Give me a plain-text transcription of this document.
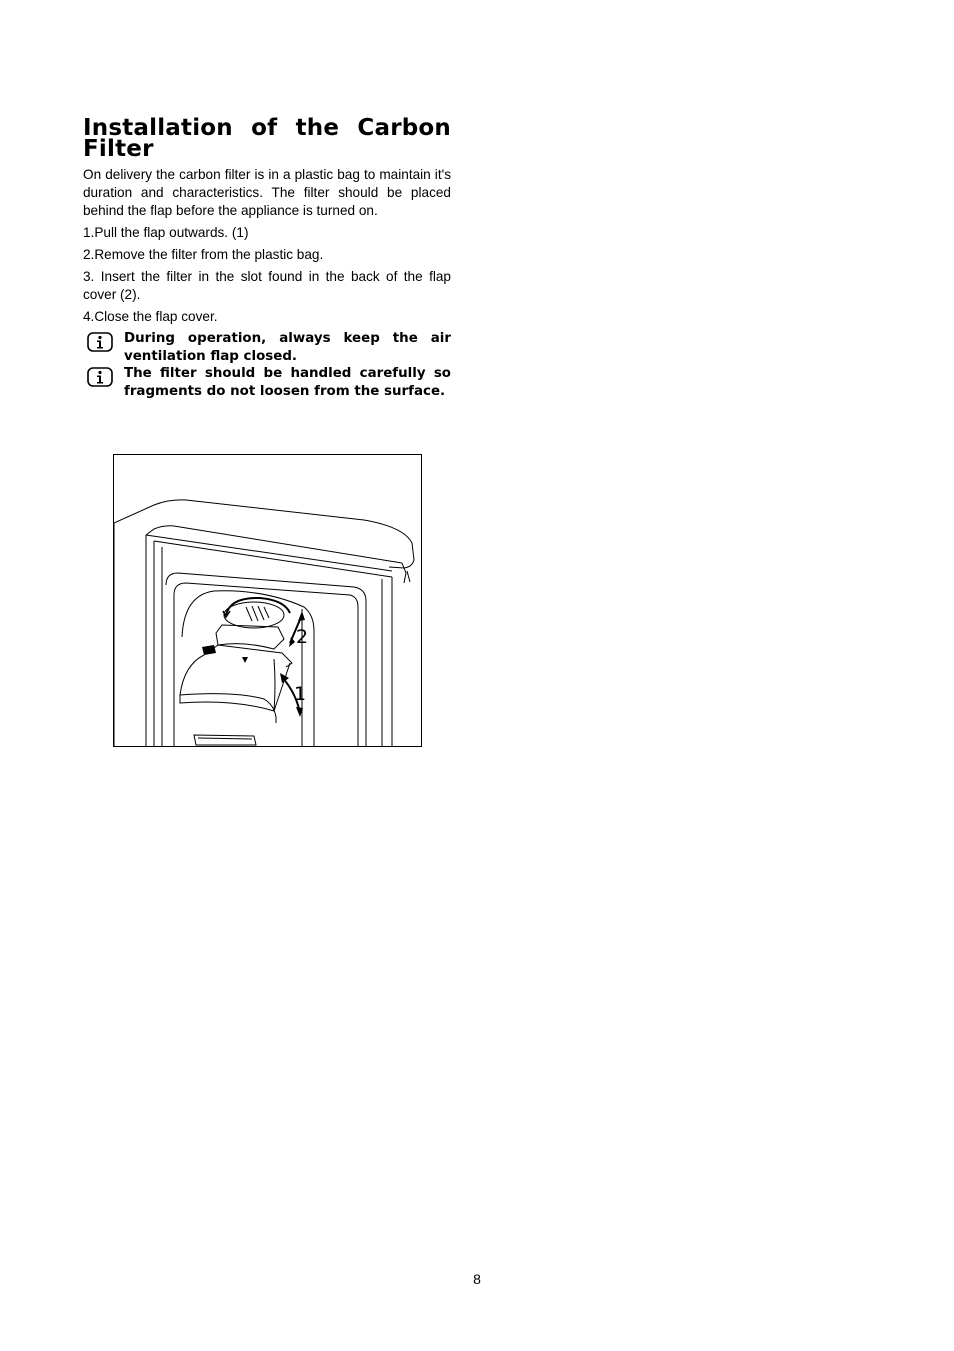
Installation of the Carbon
Filter

On delivery the carbon filter is in a plastic bag to maintain it's duration and characteristics. The filter should be placed behind the flap before the appliance is turned on.

1.Pull the flap outwards. (1)

2.Remove the filter from the plastic bag.

3. Insert the filter in the slot found in the back of the flap cover (2).

4.Close the flap cover.

During operation, always keep the air ventilation flap closed.

The filter should be handled carefully so fragments do not loosen from the surface.

2
1
8
